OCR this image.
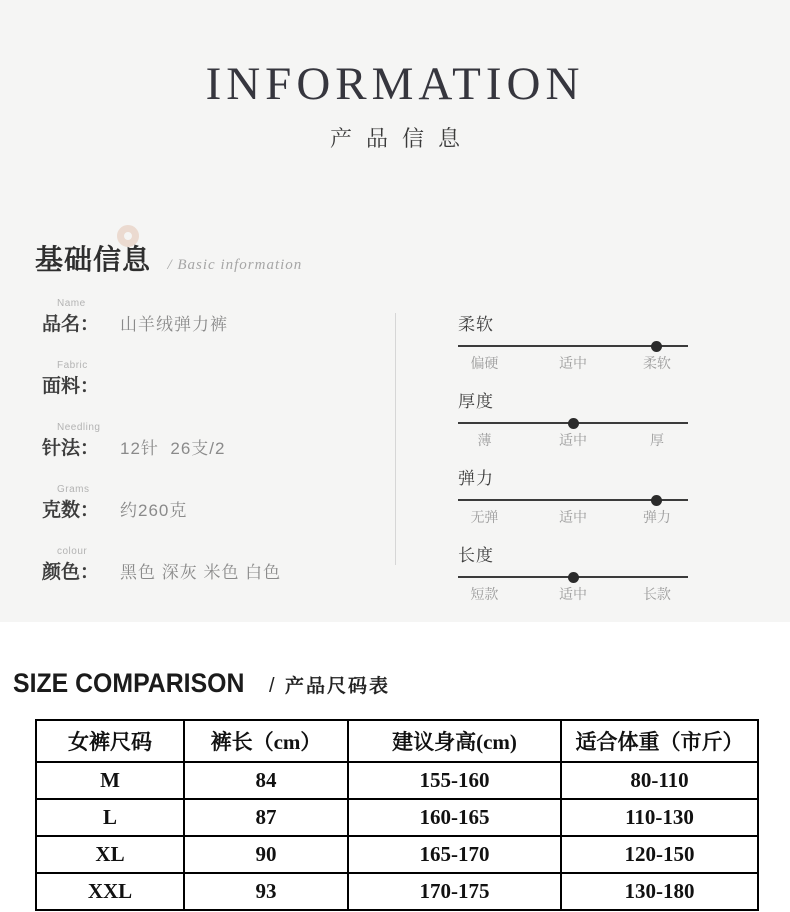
INFORMATION
产品信息
基础信息 / Basic information
Name
品名： 山羊绒弹力裤
Fabric
面料：
Needling
针法： 12针  26支/2
Grams
克数： 约260克
colour
颜色： 黑色 深灰 米色 白色
柔软
偏硬	适中	柔软
厚度
薄	适中	厚
弹力
无弹	适中	弹力
长度
短款	适中	长款
SIZE COMPARISON / 产品尺码表
女裤尺码	裤长（cm）	建议身高(cm)	适合体重（市斤）
M	84	155-160	80-110
L	87	160-165	110-130
XL	90	165-170	120-150
XXL	93	170-175	130-180
